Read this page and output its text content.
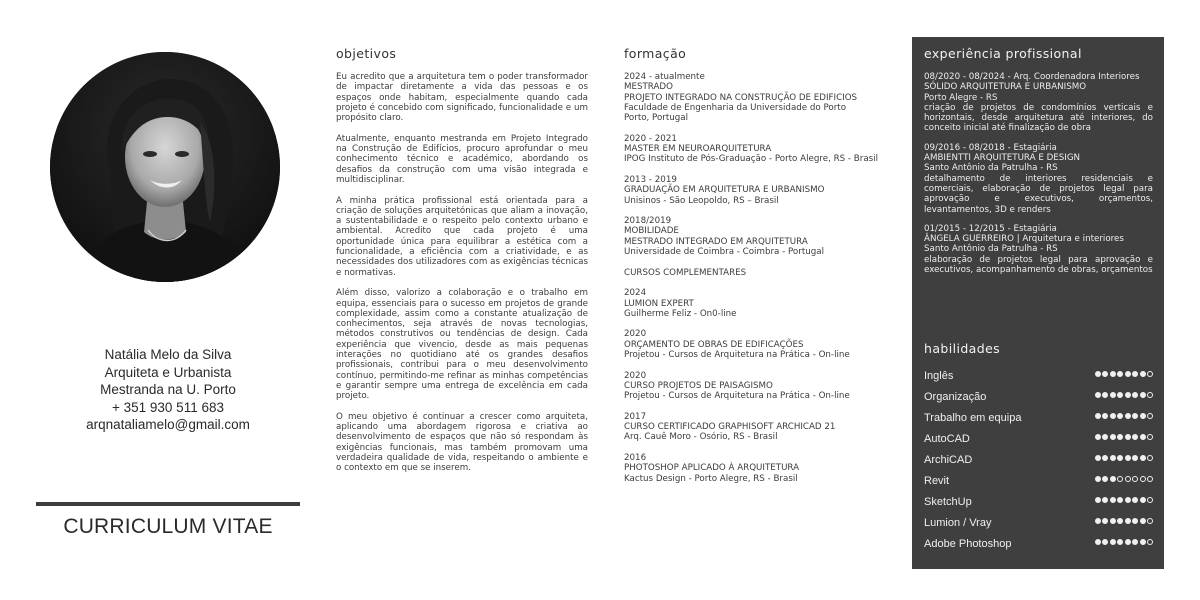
Natália Melo da Silva
Arquiteta e Urbanista
Mestranda na U. Porto
+ 351 930 511 683
arqnataliamelo@gmail.com
CURRICULUM VITAE
objetivos

Eu acredito que a arquitetura tem o poder transformador de impactar diretamente a vida das pessoas e os espaços onde habitam, especialmente quando cada projeto é concebido com significado, funcionalidade e um propósito claro.

Atualmente, enquanto mestranda em Projeto Integrado na Construção de Edifícios, procuro aprofundar o meu conhecimento técnico e académico, abordando os desafios da construção com uma visão integrada e multidisciplinar.

A minha prática profissional está orientada para a criação de soluções arquitetónicas que aliam a inovação, a sustentabilidade e o respeito pelo contexto urbano e ambiental. Acredito que cada projeto é uma oportunidade única para equilibrar a estética com a funcionalidade, a eficiência com a criatividade, e as necessidades dos utilizadores com as exigências técnicas e normativas.

Além disso, valorizo a colaboração e o trabalho em equipa, essenciais para o sucesso em projetos de grande complexidade, assim como a constante atualização de conhecimentos, seja através de novas tecnologias, métodos construtivos ou tendências de design. Cada experiência que vivencio, desde as mais pequenas interações no quotidiano até os grandes desafios profissionais, contribui para o meu desenvolvimento contínuo, permitindo-me refinar as minhas competências e garantir sempre uma entrega de excelência em cada projeto.

O meu objetivo é continuar a crescer como arquiteta, aplicando uma abordagem rigorosa e criativa ao desenvolvimento de espaços que não só respondam às exigências funcionais, mas também promovam uma verdadeira qualidade de vida, respeitando o ambiente e o contexto em que se inserem.

formação
2024 - atualmente
MESTRADO
PROJETO INTEGRADO NA CONSTRUÇÃO DE EDIFICIOS
Faculdade de Engenharia da Universidade do Porto
Porto, Portugal
2020 - 2021
MASTER EM NEUROARQUITETURA
IPOG Instituto de Pós-Graduação - Porto Alegre, RS - Brasil
2013 - 2019
GRADUAÇÃO EM ARQUITETURA E URBANISMO
Unisinos - São Leopoldo, RS – Brasil
2018/2019
MOBILIDADE
MESTRADO INTEGRADO EM ARQUITETURA
Universidade de Coimbra - Coimbra - Portugal
CURSOS COMPLEMENTARES
2024
LUMION EXPERT
Guilherme Feliz - On0-line
2020
ORÇAMENTO DE OBRAS DE EDIFICAÇÕES
Projetou - Cursos de Arquitetura na Prática - On-line
2020
CURSO PROJETOS DE PAISAGISMO
Projetou - Cursos de Arquitetura na Prática - On-line
2017
CURSO CERTIFICADO GRAPHISOFT ARCHICAD 21
Arq. Cauê Moro - Osório, RS - Brasil
2016
PHOTOSHOP APLICADO À ARQUITETURA
Kactus Design - Porto Alegre, RS - Brasil
experiência profissional
08/2020 - 08/2024 - Arq. Coordenadora Interiores
SÓLIDO ARQUITETURA E URBANISMO
Porto Alegre - RS
criação de projetos de condomínios verticais e horizontais, desde arquitetura até interiores, do conceito inicial até finalização de obra
09/2016 - 08/2018 - Estagiária
AMBIENTTI ARQUITETURA E DESIGN
Santo Antônio da Patrulha - RS
detalhamento de interiores residenciais e comerciais, elaboração de projetos legal para aprovação e executivos, orçamentos, levantamentos, 3D e renders
01/2015 - 12/2015 - Estagiária
ÂNGELA GUERREIRO | Arquitetura e interiores
Santo Antônio da Patrulha - RS
elaboração de projetos legal para aprovação e executivos, acompanhamento de obras, orçamentos
habilidades
Inglês
Organização
Trabalho em equipa
AutoCAD
ArchiCAD
Revit
SketchUp
Lumion / Vray
Adobe Photoshop
